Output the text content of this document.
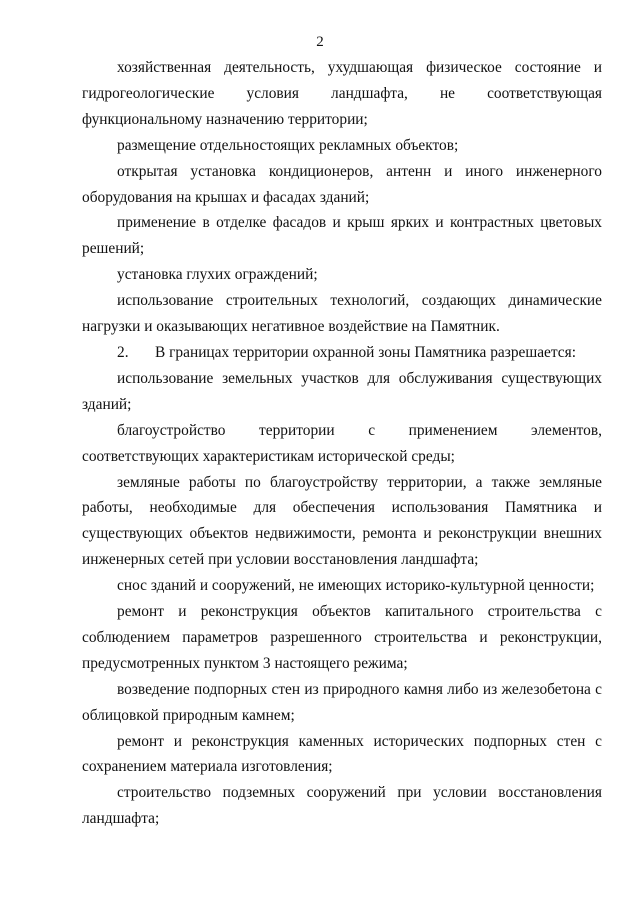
2

хозяйственная деятельность, ухудшающая физическое состояние и гидрогеологические условия ландшафта, не соответствующая функциональному назначению территории;

размещение отдельностоящих рекламных объектов;

открытая установка кондиционеров, антенн и иного инженерного оборудования на крышах и фасадах зданий;

применение в отделке фасадов и крыш ярких и контрастных цветовых решений;

установка глухих ограждений;

использование строительных технологий, создающих динамические нагрузки и оказывающих негативное воздействие на Памятник.

2. В границах территории охранной зоны Памятника разрешается:

использование земельных участков для обслуживания существующих зданий;

благоустройство территории с применением элементов, соответствующих характеристикам исторической среды;

земляные работы по благоустройству территории, а также земляные работы, необходимые для обеспечения использования Памятника и существующих объектов недвижимости, ремонта и реконструкции внешних инженерных сетей при условии восстановления ландшафта;

снос зданий и сооружений, не имеющих историко-культурной ценности;

ремонт и реконструкция объектов капитального строительства с соблюдением параметров разрешенного строительства и реконструкции, предусмотренных пунктом 3 настоящего режима;

возведение подпорных стен из природного камня либо из железобетона с облицовкой природным камнем;

ремонт и реконструкция каменных исторических подпорных стен с сохранением материала изготовления;

строительство подземных сооружений при условии восстановления ландшафта;
